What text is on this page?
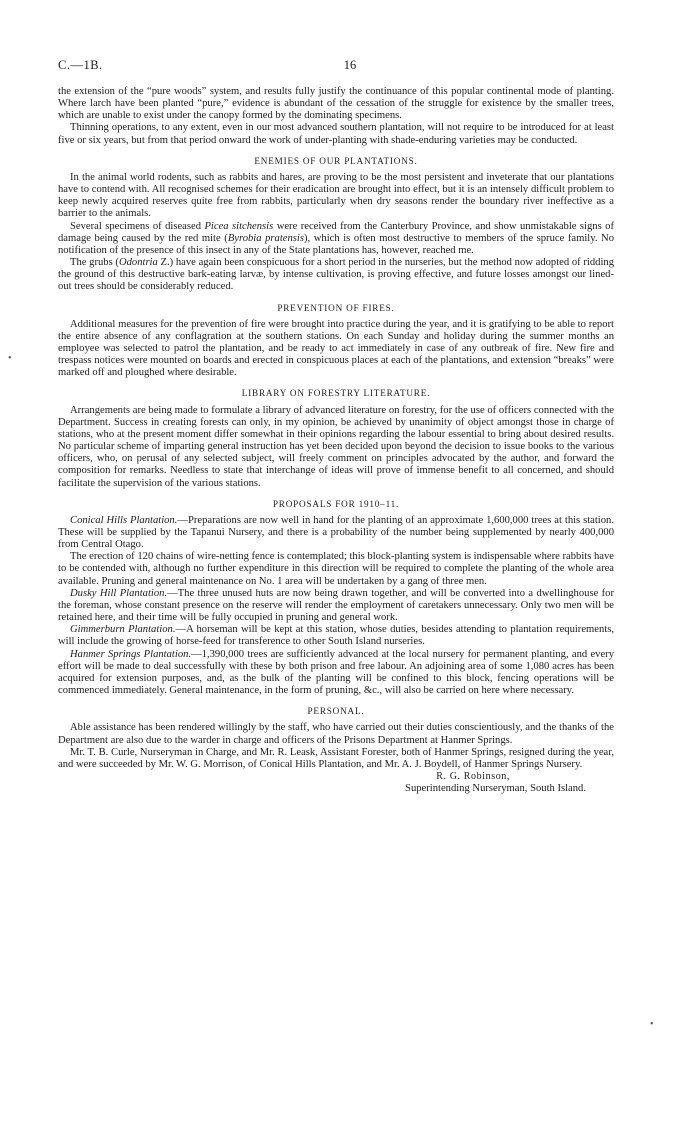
C.—1B.	16
•
•

the extension of the “pure woods” system, and results fully justify the continuance of this popular continental mode of planting. Where larch have been planted “pure,” evidence is abundant of the cessation of the struggle for existence by the smaller trees, which are unable to exist under the canopy formed by the dominating specimens.

Thinning operations, to any extent, even in our most advanced southern plantation, will not require to be introduced for at least five or six years, but from that period onward the work of under-planting with shade-enduring varieties may be conducted.

ENEMIES OF OUR PLANTATIONS.

In the animal world rodents, such as rabbits and hares, are proving to be the most persistent and inveterate that our plantations have to contend with. All recognised schemes for their eradication are brought into effect, but it is an intensely difficult problem to keep newly acquired reserves quite free from rabbits, particularly when dry seasons render the boundary river ineffective as a barrier to the animals.

Several specimens of diseased Picea sitchensis were received from the Canterbury Province, and show unmistakable signs of damage being caused by the red mite (Byrobia pratensis), which is often most destructive to members of the spruce family. No notification of the presence of this insect in any of the State plantations has, however, reached me.

The grubs (Odontria Z.) have again been conspicuous for a short period in the nurseries, but the method now adopted of ridding the ground of this destructive bark-eating larvæ, by intense cultivation, is proving effective, and future losses amongst our lined-out trees should be considerably reduced.

PREVENTION OF FIRES.

Additional measures for the prevention of fire were brought into practice during the year, and it is gratifying to be able to report the entire absence of any conflagration at the southern stations. On each Sunday and holiday during the summer months an employee was selected to patrol the plantation, and be ready to act immediately in case of any outbreak of fire. New fire and trespass notices were mounted on boards and erected in conspicuous places at each of the plantations, and extension “breaks” were marked off and ploughed where desirable.

LIBRARY ON FORESTRY LITERATURE.

Arrangements are being made to formulate a library of advanced literature on forestry, for the use of officers connected with the Department. Success in creating forests can only, in my opinion, be achieved by unanimity of object amongst those in charge of stations, who at the present moment differ somewhat in their opinions regarding the labour essential to bring about desired results. No particular scheme of imparting general instruction has yet been decided upon beyond the decision to issue books to the various officers, who, on perusal of any selected subject, will freely comment on principles advocated by the author, and forward the composition for remarks. Needless to state that interchange of ideas will prove of immense benefit to all concerned, and should facilitate the supervision of the various stations.

PROPOSALS FOR 1910–11.

Conical Hills Plantation.—Preparations are now well in hand for the planting of an approximate 1,600,000 trees at this station. These will be supplied by the Tapanui Nursery, and there is a probability of the number being supplemented by nearly 400,000 from Central Otago.

The erection of 120 chains of wire-netting fence is contemplated; this block-planting system is indispensable where rabbits have to be contended with, although no further expenditure in this direction will be required to complete the planting of the whole area available. Pruning and general maintenance on No. 1 area will be undertaken by a gang of three men.

Dusky Hill Plantation.—The three unused huts are now being drawn together, and will be converted into a dwellinghouse for the foreman, whose constant presence on the reserve will render the employment of caretakers unnecessary. Only two men will be retained here, and their time will be fully occupied in pruning and general work.

Gimmerburn Plantation.—A horseman will be kept at this station, whose duties, besides attending to plantation requirements, will include the growing of horse-feed for transference to other South Island nurseries.

Hanmer Springs Plantation.—1,390,000 trees are sufficiently advanced at the local nursery for permanent planting, and every effort will be made to deal successfully with these by both prison and free labour. An adjoining area of some 1,080 acres has been acquired for extension purposes, and, as the bulk of the planting will be confined to this block, fencing operations will be commenced immediately. General maintenance, in the form of pruning, &c., will also be carried on here where necessary.

PERSONAL.

Able assistance has been rendered willingly by the staff, who have carried out their duties conscientiously, and the thanks of the Department are also due to the warder in charge and officers of the Prisons Department at Hanmer Springs.

Mr. T. B. Curle, Nurseryman in Charge, and Mr. R. Leask, Assistant Forester, both of Hanmer Springs, resigned during the year, and were succeeded by Mr. W. G. Morrison, of Conical Hills Plantation, and Mr. A. J. Boydell, of Hanmer Springs Nursery.

R. G. Robinson,
Superintending Nurseryman, South Island.
